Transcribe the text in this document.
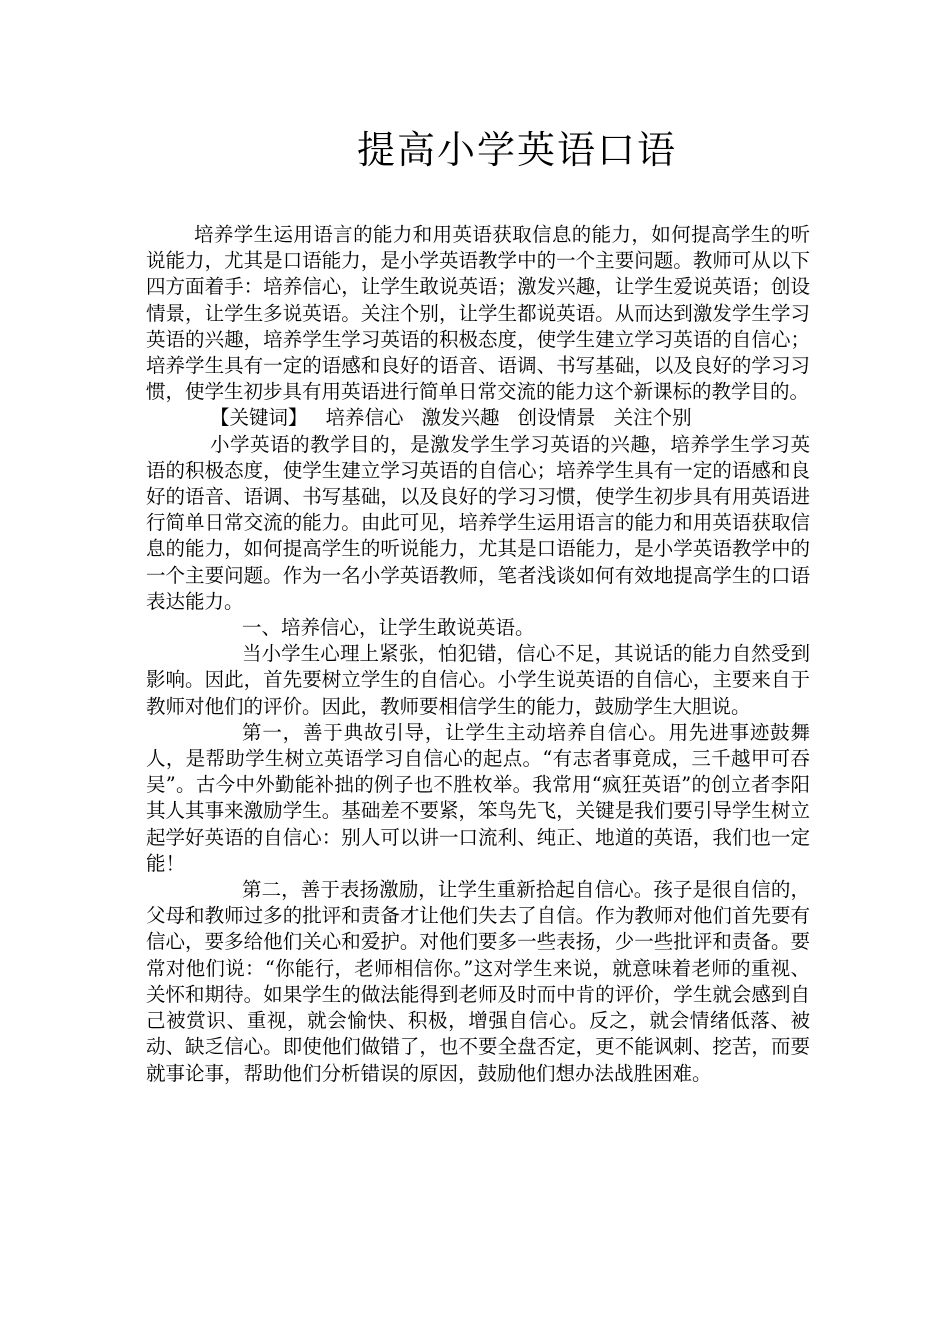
提高小学英语口语

培养学生运用语言的能力和用英语获取信息的能力，如何提高学生的听说能力，尤其是口语能力，是小学英语教学中的一个主要问题。教师可从以下四方面着手：培养信心，让学生敢说英语；激发兴趣，让学生爱说英语；创设情景，让学生多说英语。关注个别，让学生都说英语。从而达到激发学生学习英语的兴趣，培养学生学习英语的积极态度，使学生建立学习英语的自信心；培养学生具有一定的语感和良好的语音、语调、书写基础，以及良好的学习习惯，使学生初步具有用英语进行简单日常交流的能力这个新课标的教学目的。

【关键词】 培养信心 激发兴趣 创设情景 关注个别

小学英语的教学目的，是激发学生学习英语的兴趣，培养学生学习英语的积极态度，使学生建立学习英语的自信心；培养学生具有一定的语感和良好的语音、语调、书写基础，以及良好的学习习惯，使学生初步具有用英语进行简单日常交流的能力。由此可见，培养学生运用语言的能力和用英语获取信息的能力，如何提高学生的听说能力，尤其是口语能力，是小学英语教学中的一个主要问题。作为一名小学英语教师，笔者浅谈如何有效地提高学生的口语表达能力。

一、培养信心，让学生敢说英语。

当小学生心理上紧张，怕犯错，信心不足，其说话的能力自然受到影响。因此，首先要树立学生的自信心。小学生说英语的自信心，主要来自于教师对他们的评价。因此，教师要相信学生的能力，鼓励学生大胆说。

第一，善于典故引导，让学生主动培养自信心。用先进事迹鼓舞人，是帮助学生树立英语学习自信心的起点。“有志者事竟成，三千越甲可吞吴”。古今中外勤能补拙的例子也不胜枚举。我常用“疯狂英语”的创立者李阳其人其事来激励学生。基础差不要紧，笨鸟先飞，关键是我们要引导学生树立起学好英语的自信心：别人可以讲一口流利、纯正、地道的英语，我们也一定能！

第二，善于表扬激励，让学生重新拾起自信心。孩子是很自信的，父母和教师过多的批评和责备才让他们失去了自信。作为教师对他们首先要有信心，要多给他们关心和爱护。对他们要多一些表扬，少一些批评和责备。要常对他们说：“你能行，老师相信你。”这对学生来说，就意味着老师的重视、关怀和期待。如果学生的做法能得到老师及时而中肯的评价，学生就会感到自己被赏识、重视，就会愉快、积极，增强自信心。反之，就会情绪低落、被动、缺乏信心。即使他们做错了，也不要全盘否定，更不能讽刺、挖苦，而要就事论事，帮助他们分析错误的原因，鼓励他们想办法战胜困难。
